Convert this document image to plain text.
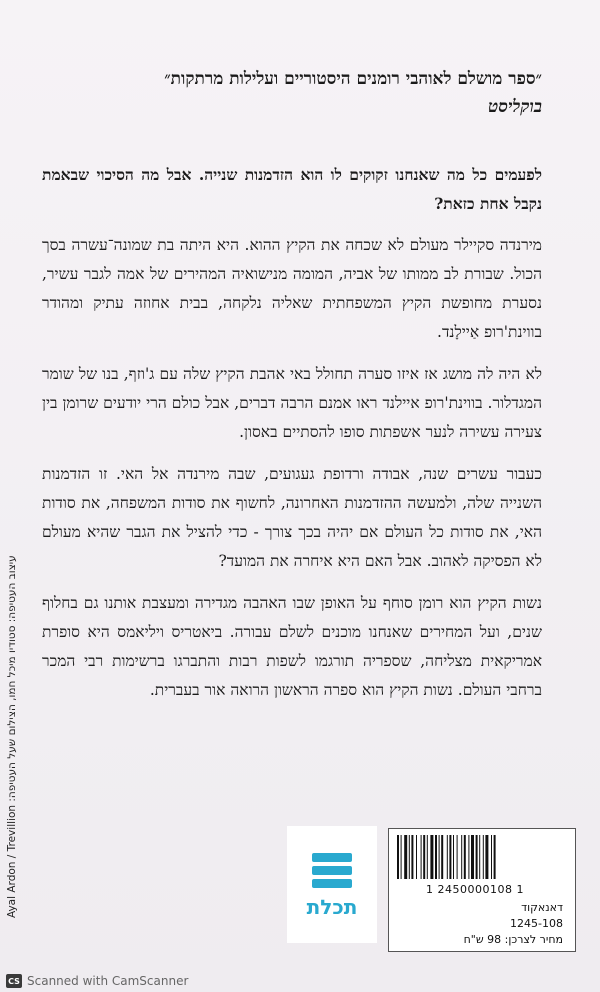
״ספר מושלם לאוהבי רומנים היסטוריים ועלילות מרתקות״
בוקליסט

לפעמים כל מה שאנחנו זקוקים לו הוא הזדמנות שנייה. אבל מה הסיכוי שבאמת נקבל אחת כזאת?

מירנדה סקיילר מעולם לא שכחה את הקיץ ההוא. היא היתה בת שמונה־עשרה בסך הכול. שבורת לב ממותו של אביה, המומה מנישואיה המהירים של אמה לגבר עשיר, נסערת מחופשת הקיץ המשפחתית שאליה נלקחה, בבית אחוזה עתיק ומהודר בווינת'רופ אַיילָנד.

לא היה לה מושג אז איזו סערה תחולל באי אהבת הקיץ שלה עם ג'וזף, בנו של שומר המגדלור. בווינת'רופ איילנד ראו אמנם הרבה דברים, אבל כולם הרי יודעים שרומן בין צעירה עשירה לנער אשפתות סופו להסתיים באסון.

כעבור עשרים שנה, אבודה ורדופת געגועים, שבה מירנדה אל האי. זו הזדמנות השנייה שלה, ולמעשה ההזדמנות האחרונה, לחשוף את סודות המשפחה, את סודות האי, את סודות כל העולם אם יהיה בכך צורך - כדי להציל את הגבר שהיא מעולם לא הפסיקה לאהוב. אבל האם היא איחרה את המועד?

נשות הקיץ הוא רומן סוחף על האופן שבו האהבה מגדירה ומעצבת אותנו גם בחלוף שנים, ועל המחירים שאנחנו מוכנים לשלם עבורה. ביאטריס ויליאמס היא סופרת אמריקאית מצליחה, שספריה תורגמו לשפות רבות והתברגו ברשימות רבי המכר ברחבי העולם. נשות הקיץ הוא ספרה הראשון הרואה אור בעברית.

עיצוב העטיפה: סטודיו מיכל חמו, הצילום שעל העטיפה: Ayal Ardon / Trevillion
תכלת
1 2450000108 1
דאנאקוד
1245-108
מחיר לצרכן: 98 ש"ח
CS Scanned with CamScanner
